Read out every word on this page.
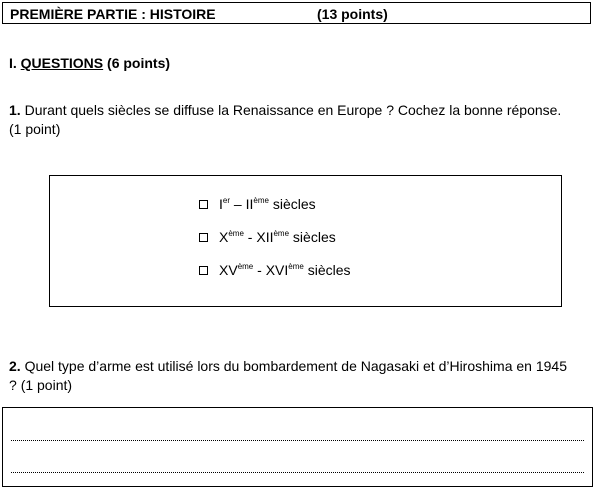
PREMIÈRE PARTIE : HISTOIRE	(13 points)
I. QUESTIONS (6 points)
1. Durant quels siècles se diffuse la Renaissance en Europe ? Cochez la bonne réponse.
(1 point)
Ier – IIème siècles
Xème - XIIème siècles
XVème - XVIème siècles
2. Quel type d’arme est utilisé lors du bombardement de Nagasaki et d’Hiroshima en 1945 ? (1 point)
